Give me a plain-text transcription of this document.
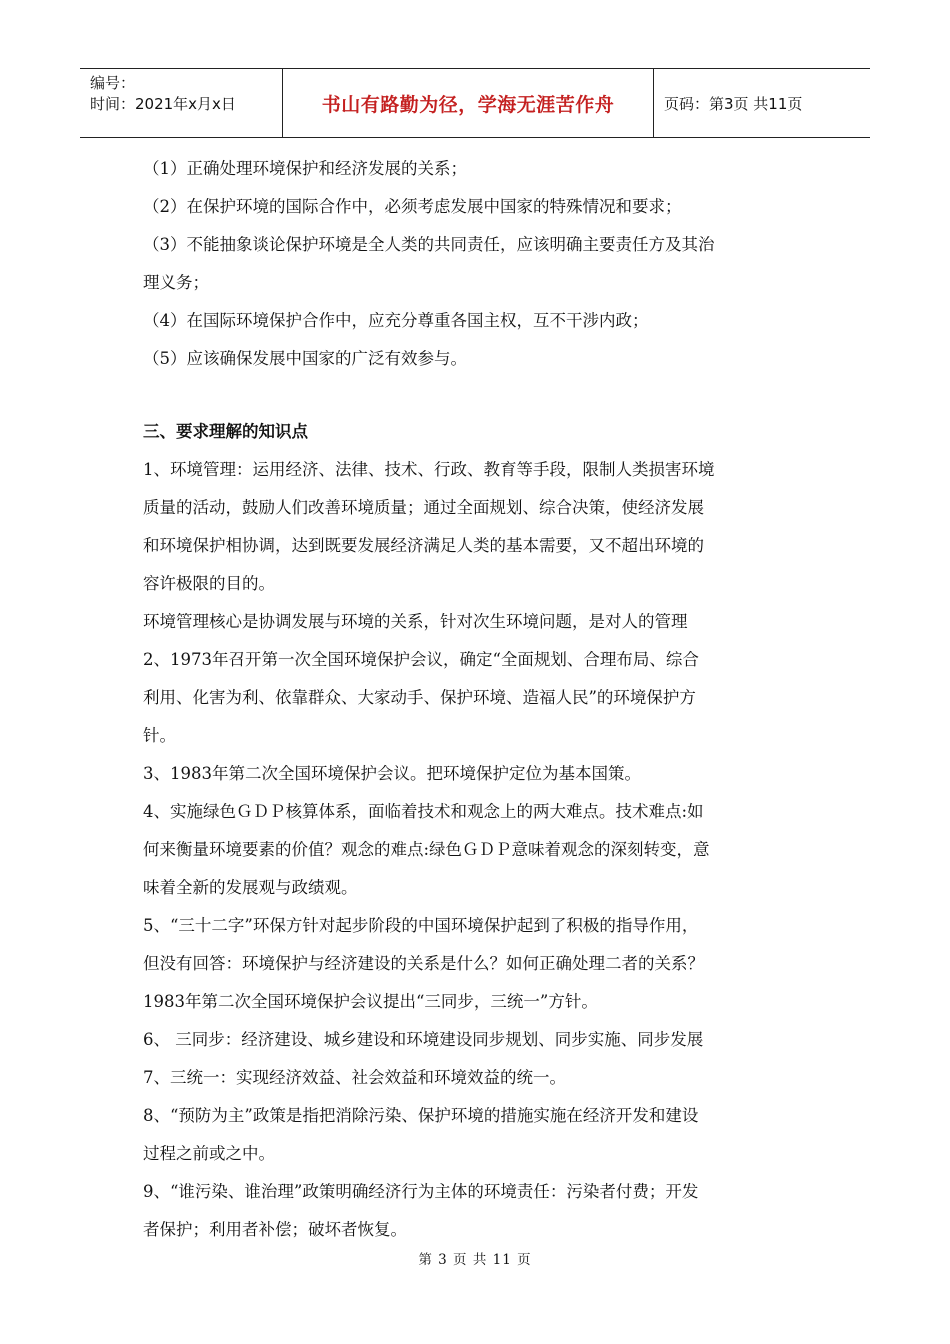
编号：
时间：2021年x月x日	书山有路勤为径，学海无涯苦作舟	页码：第3页 共11页
（1）正确处理环境保护和经济发展的关系；
（2）在保护环境的国际合作中，必须考虑发展中国家的特殊情况和要求；
（3）不能抽象谈论保护环境是全人类的共同责任，应该明确主要责任方及其治
理义务；
（4）在国际环境保护合作中，应充分尊重各国主权，互不干涉内政；
（5）应该确保发展中国家的广泛有效参与。
三、要求理解的知识点
1、环境管理：运用经济、法律、技术、行政、教育等手段，限制人类损害环境
质量的活动，鼓励人们改善环境质量；通过全面规划、综合决策，使经济发展
和环境保护相协调，达到既要发展经济满足人类的基本需要，又不超出环境的
容许极限的目的。
环境管理核心是协调发展与环境的关系，针对次生环境问题，是对人的管理
2、1973年召开第一次全国环境保护会议，确定“全面规划、合理布局、综合
利用、化害为利、依靠群众、大家动手、保护环境、造福人民”的环境保护方
针。
3、1983年第二次全国环境保护会议。把环境保护定位为基本国策。
4、实施绿色ＧＤＰ核算体系，面临着技术和观念上的两大难点。技术难点:如
何来衡量环境要素的价值？观念的难点:绿色ＧＤＰ意味着观念的深刻转变，意
味着全新的发展观与政绩观。
5、“三十二字”环保方针对起步阶段的中国环境保护起到了积极的指导作用，
但没有回答：环境保护与经济建设的关系是什么？如何正确处理二者的关系？
1983年第二次全国环境保护会议提出“三同步，三统一”方针。
6、 三同步：经济建设、城乡建设和环境建设同步规划、同步实施、同步发展
7、三统一：实现经济效益、社会效益和环境效益的统一。
8、“预防为主”政策是指把消除污染、保护环境的措施实施在经济开发和建设
过程之前或之中。
9、“谁污染、谁治理”政策明确经济行为主体的环境责任：污染者付费；开发
者保护；利用者补偿；破坏者恢复。
第 3 页 共 11 页
